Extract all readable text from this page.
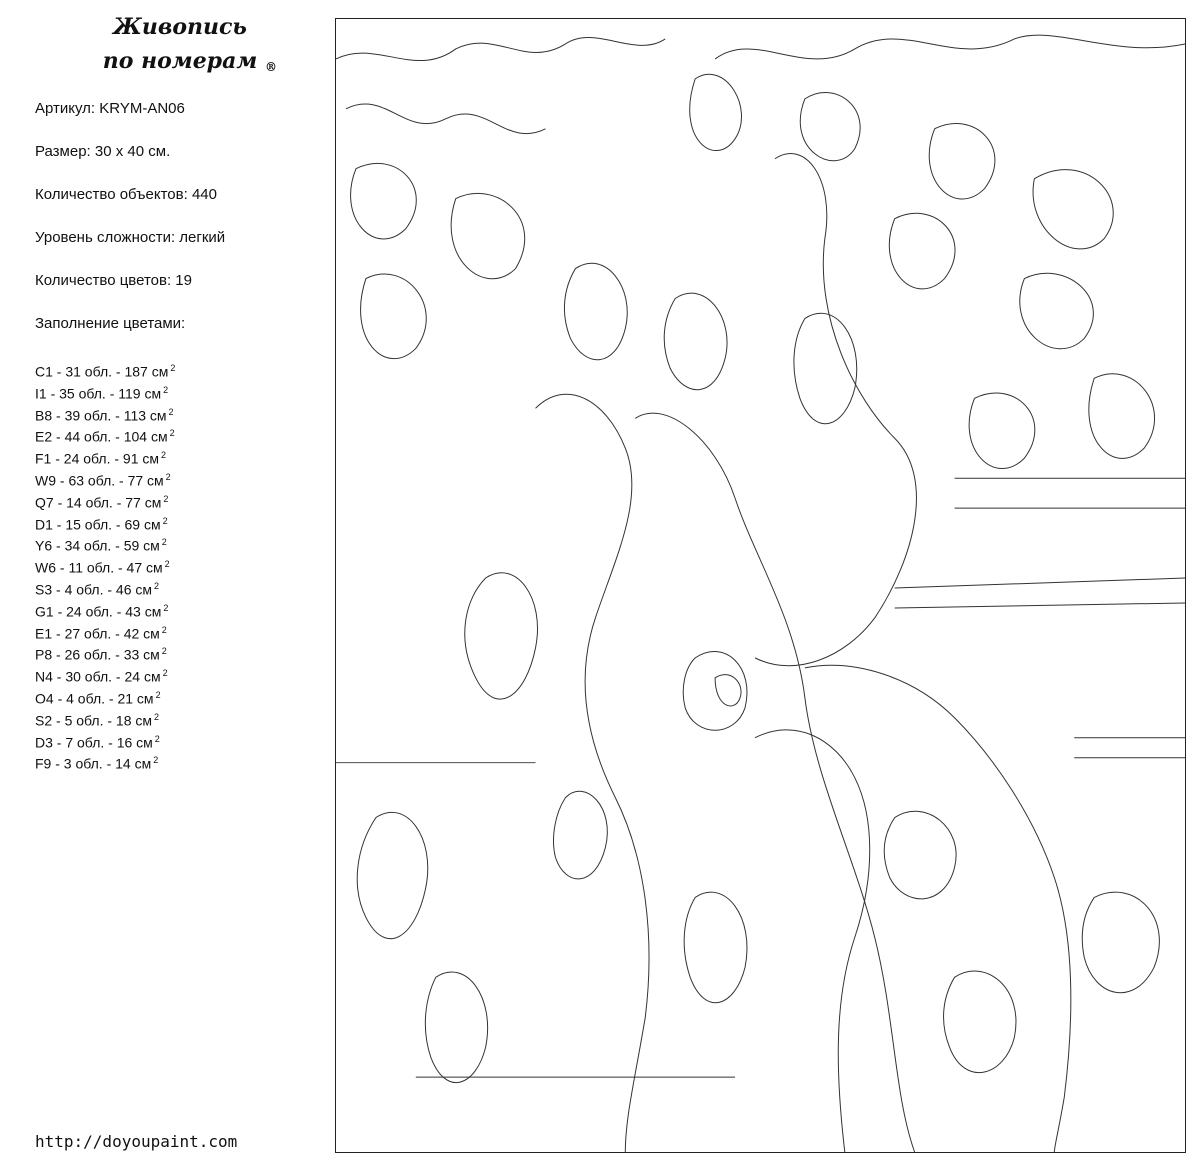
Живопись
по номерам ®
Артикул: KRYM-AN06
Размер: 30 х 40 см.
Количество объектов: 440
Уровень сложности: легкий
Количество цветов: 19
Заполнение цветами:
C1 - 31 обл. - 187 см $^2$
I1 - 35 обл. - 119 см $^2$
B8 - 39 обл. - 113 см $^2$
E2 - 44 обл. - 104 см $^2$
F1 - 24 обл. - 91 см $^2$
W9 - 63 обл. - 77 см $^2$
Q7 - 14 обл. - 77 см $^2$
D1 - 15 обл. - 69 см $^2$
Y6 - 34 обл. - 59 см $^2$
W6 - 11 обл. - 47 см $^2$
S3 - 4 обл. - 46 см $^2$
G1 - 24 обл. - 43 см $^2$
E1 - 27 обл. - 42 см $^2$
P8 - 26 обл. - 33 см $^2$
N4 - 30 обл. - 24 см $^2$
O4 - 4 обл. - 21 см $^2$
S2 - 5 обл. - 18 см $^2$
D3 - 7 обл. - 16 см $^2$
F9 - 3 обл. - 14 см $^2$
http://doyoupaint.com
